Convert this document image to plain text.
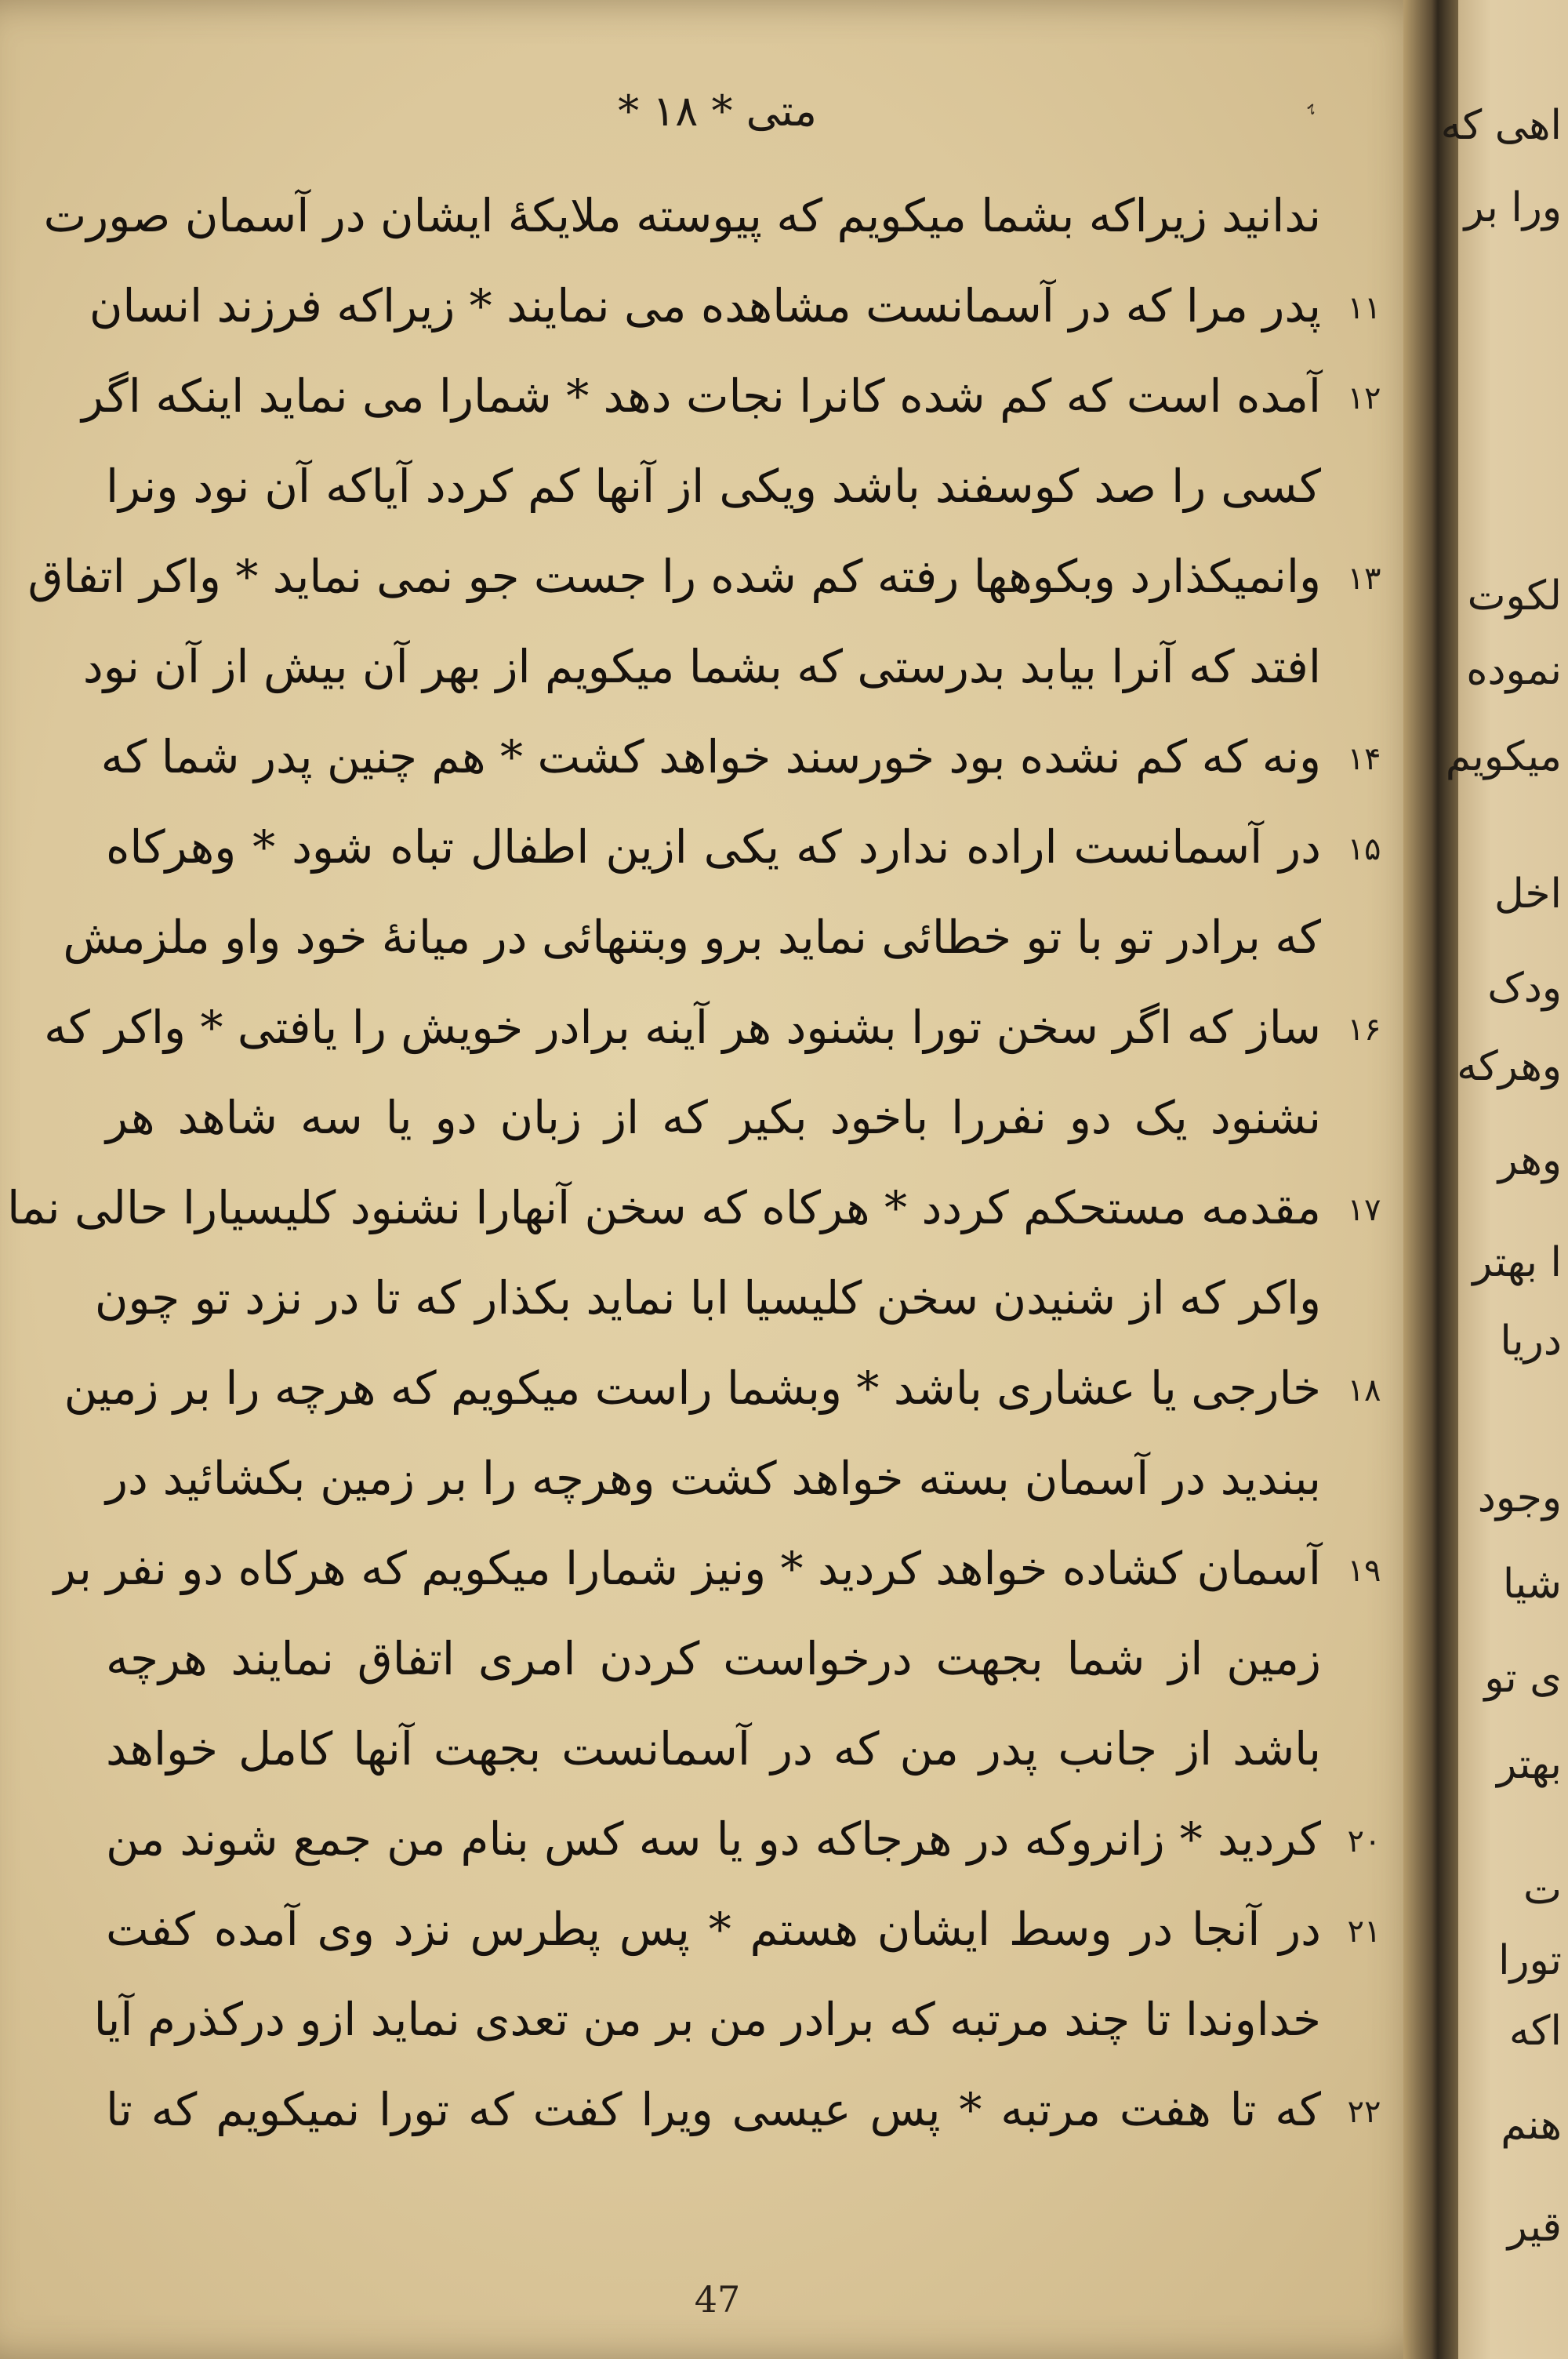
متی * ۱۸ *	ﮨ
ندانید زیراکه بشما میکویم که پیوسته ملایکهٔ ایشان در آسمان صورت
پدر مرا که در آسمانست مشاهده می نمایند * زیراکه فرزند انسان ۱۱
آمده است که کم شده کانرا نجات دهد * شمارا می نماید اینکه اگر ۱۲
کسی را صد کوسفند باشد ویکی از آنها کم کردد آیاکه آن نود ونرا
وانمیکذارد وبکوهها رفته کم شده را جست جو نمی نماید * واکر اتفاق ۱۳
افتد که آنرا بیابد بدرستی که بشما میکویم از بهر آن بیش از آن نود
ونه که کم نشده بود خورسند خواهد کشت * هم چنین پدر شما که ۱۴
در آسمانست اراده ندارد که یکی ازین اطفال تباه شود * وهرکاه ۱۵
که برادر تو با تو خطائی نماید برو وبتنهائی در میانهٔ خود واو ملزمش
ساز که اگر سخن تورا بشنود هر آینه برادر خویش را یافتی * واکر که ۱۶
نشنود یک دو نفررا باخود بکیر که از زبان دو یا سه شاهد هر
مقدمه مستحکم کردد * هرکاه که سخن آنهارا نشنود کلیسیارا حالی نما ۱۷
واکر که از شنیدن سخن کلیسیا ابا نماید بکذار که تا در نزد تو چون
خارجی یا عشاری باشد * وبشما راست میکویم که هرچه را بر زمین ۱۸
ببندید در آسمان بسته خواهد کشت وهرچه را بر زمین بکشائید در
آسمان کشاده خواهد کردید * ونیز شمارا میکویم که هرکاه دو نفر بر ۱۹
زمین از شما بجهت درخواست کردن امری اتفاق نمایند هرچه
باشد از جانب پدر من که در آسمانست بجهت آنها کامل خواهد
کردید * زانروکه در هرجاکه دو یا سه کس بنام من جمع شوند من ۲۰
در آنجا در وسط ایشان هستم * پس پطرس نزد وی آمده کفت ۲۱
خداوندا تا چند مرتبه که برادر من بر من تعدی نماید ازو درکذرم آیا
که تا هفت مرتبه * پس عیسی ویرا کفت که تورا نمیکویم که تا ۲۲
47
اهی که
ورا بر
لکوت
نموده
میکویم
اخل
ودک
وهرکه
وهر
ا بهتر
دریا
وجود
شیا
ی تو
بهتر
ت
تورا
اکه
هنم
قیر
